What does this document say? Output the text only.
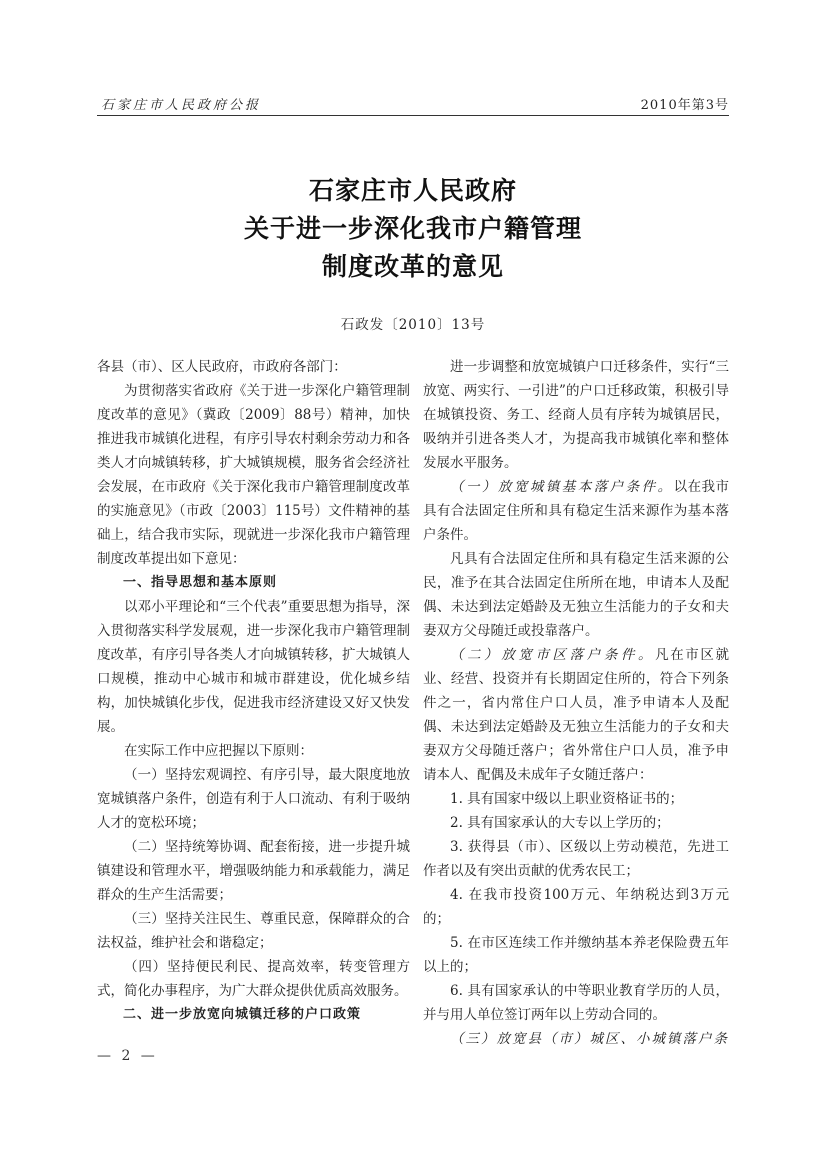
石家庄市人民政府公报	2010年第3号
石家庄市人民政府
关于进一步深化我市户籍管理
制度改革的意见
石政发〔2010〕13号

各县（市）、区人民政府，市政府各部门：

为贯彻落实省政府《关于进一步深化户籍管理制度改革的意见》（冀政〔2009〕88号）精神，加快推进我市城镇化进程，有序引导农村剩余劳动力和各类人才向城镇转移，扩大城镇规模，服务省会经济社会发展，在市政府《关于深化我市户籍管理制度改革的实施意见》（市政〔2003〕115号）文件精神的基础上，结合我市实际，现就进一步深化我市户籍管理制度改革提出如下意见：

一、指导思想和基本原则

以邓小平理论和“三个代表”重要思想为指导，深入贯彻落实科学发展观，进一步深化我市户籍管理制度改革，有序引导各类人才向城镇转移，扩大城镇人口规模，推动中心城市和城市群建设，优化城乡结构，加快城镇化步伐，促进我市经济建设又好又快发展。

在实际工作中应把握以下原则：

（一）坚持宏观调控、有序引导，最大限度地放宽城镇落户条件，创造有利于人口流动、有利于吸纳人才的宽松环境；

（二）坚持统筹协调、配套衔接，进一步提升城镇建设和管理水平，增强吸纳能力和承载能力，满足群众的生产生活需要；

（三）坚持关注民生、尊重民意，保障群众的合法权益，维护社会和谐稳定；

（四）坚持便民利民、提高效率，转变管理方式，简化办事程序，为广大群众提供优质高效服务。

二、进一步放宽向城镇迁移的户口政策

进一步调整和放宽城镇户口迁移条件，实行“三放宽、两实行、一引进”的户口迁移政策，积极引导在城镇投资、务工、经商人员有序转为城镇居民，吸纳并引进各类人才，为提高我市城镇化率和整体发展水平服务。

（一）放宽城镇基本落户条件。以在我市具有合法固定住所和具有稳定生活来源作为基本落户条件。

凡具有合法固定住所和具有稳定生活来源的公民，准予在其合法固定住所所在地，申请本人及配偶、未达到法定婚龄及无独立生活能力的子女和夫妻双方父母随迁或投靠落户。

（二）放宽市区落户条件。凡在市区就业、经营、投资并有长期固定住所的，符合下列条件之一，省内常住户口人员，准予申请本人及配偶、未达到法定婚龄及无独立生活能力的子女和夫妻双方父母随迁落户；省外常住户口人员，准予申请本人、配偶及未成年子女随迁落户：

1. 具有国家中级以上职业资格证书的；

2. 具有国家承认的大专以上学历的；

3. 获得县（市）、区级以上劳动模范，先进工作者以及有突出贡献的优秀农民工；

4. 在我市投资100万元、年纳税达到3万元的；

5. 在市区连续工作并缴纳基本养老保险费五年以上的；

6. 具有国家承认的中等职业教育学历的人员，并与用人单位签订两年以上劳动合同的。

（三）放宽县（市）城区、小城镇落户条

— 2 —
